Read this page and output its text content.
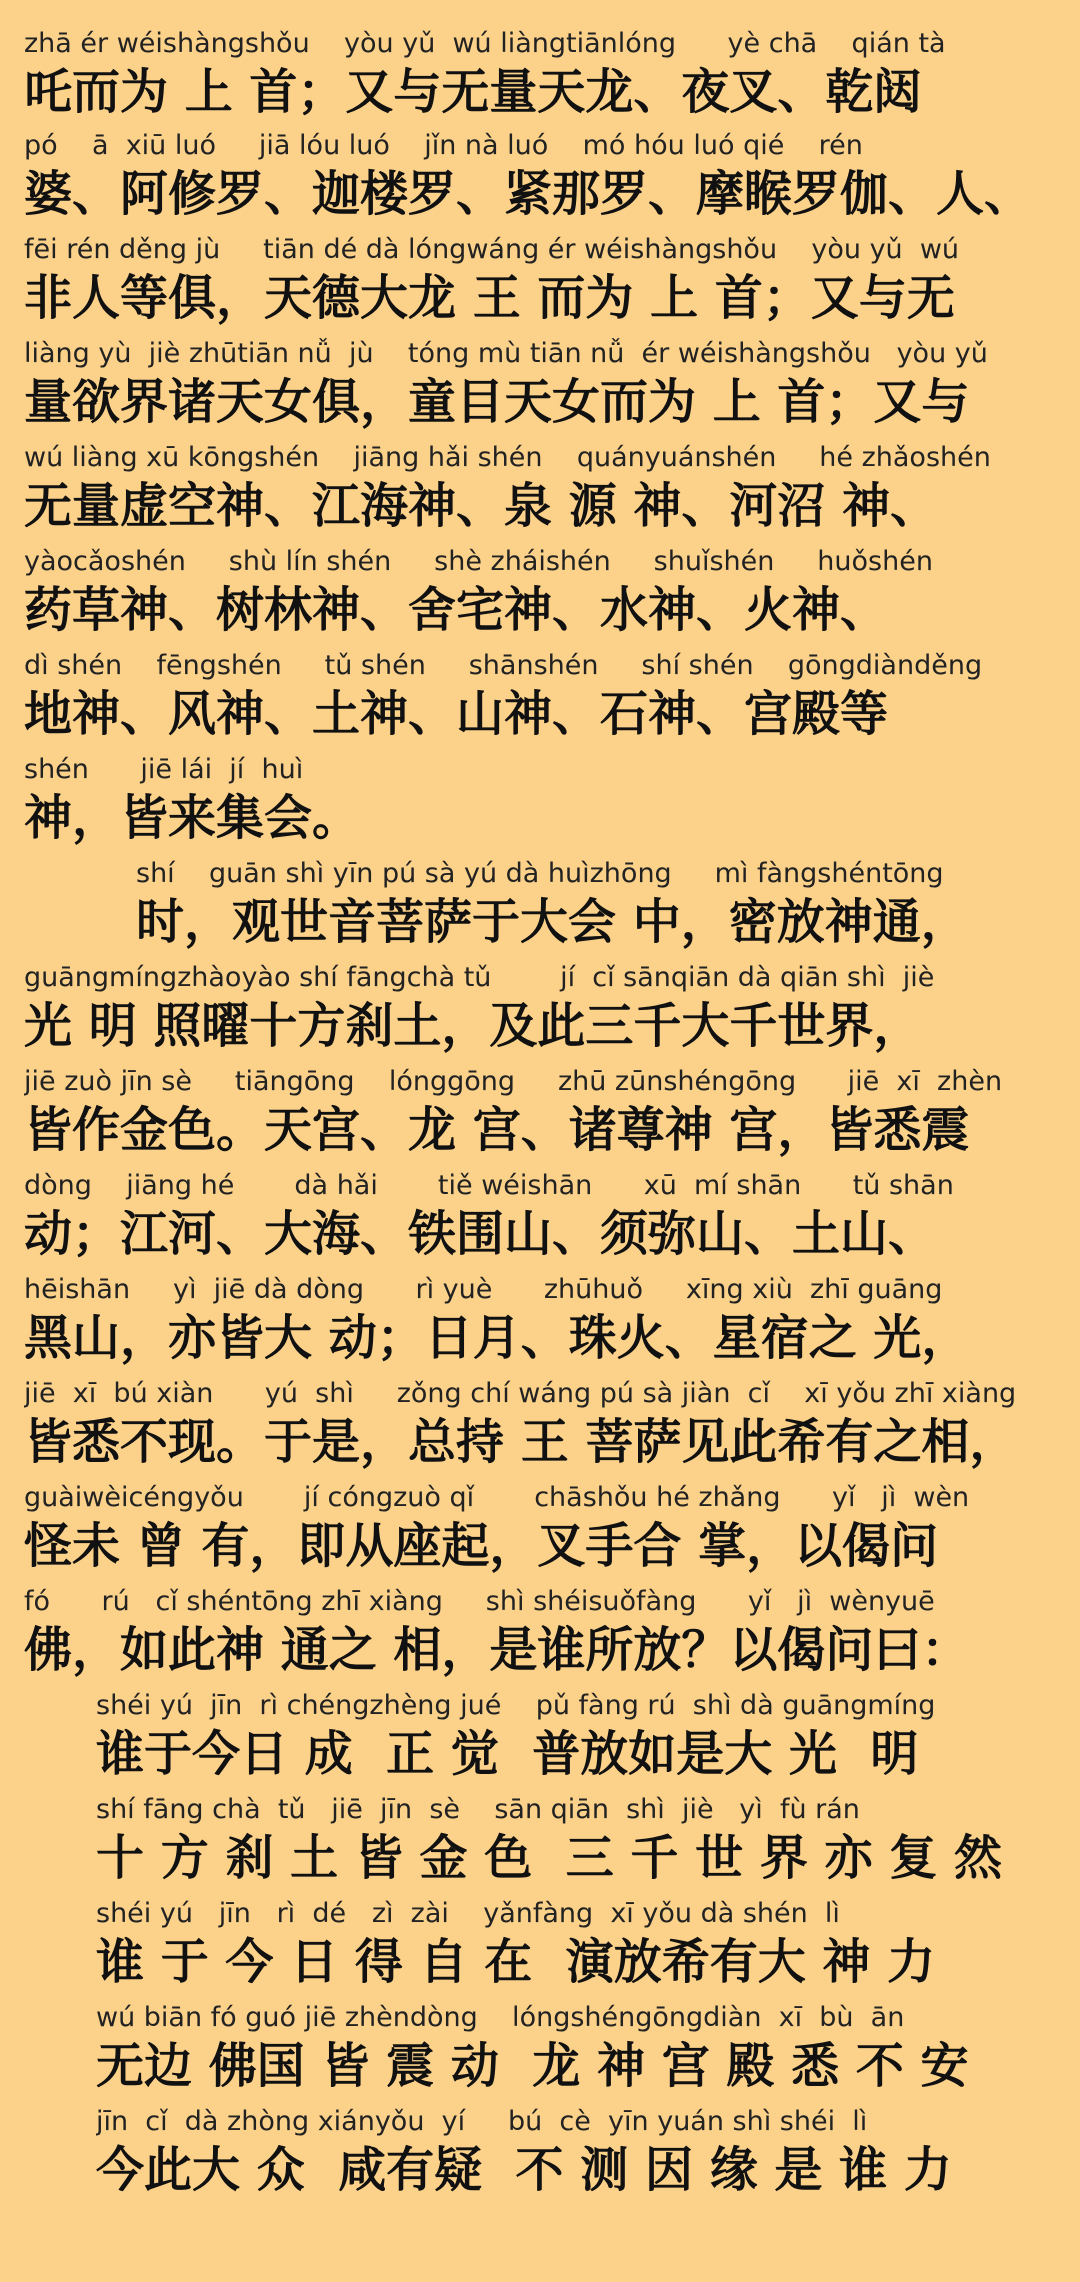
zhā ér wéishàngshǒu    yòu yǔ  wú liàngtiānlóng      yè chā    qián tà
吒而为 上 首；又与无量天龙、夜叉、乾闼
pó    ā  xiū luó     jiā lóu luó    jǐn nà luó    mó hóu luó qié    rén
婆、阿修罗、迦楼罗、紧那罗、摩睺罗伽、人、
fēi rén děng jù     tiān dé dà lóngwáng ér wéishàngshǒu    yòu yǔ  wú
非人等俱，天德大龙 王 而为 上 首；又与无
liàng yù  jiè zhūtiān nǚ  jù    tóng mù tiān nǚ  ér wéishàngshǒu   yòu yǔ
量欲界诸天女俱，童目天女而为 上 首；又与
wú liàng xū kōngshén    jiāng hǎi shén    quányuánshén     hé zhǎoshén
无量虚空神、江海神、泉 源 神、河沼 神、
yàocǎoshén     shù lín shén     shè zháishén     shuǐshén     huǒshén
药草神、树林神、舍宅神、水神、火神、
dì shén    fēngshén     tǔ shén     shānshén     shí shén    gōngdiànděng
地神、风神、土神、山神、石神、宫殿等
shén      jiē lái  jí  huì
神，皆来集会。
shí    guān shì yīn pú sà yú dà huìzhōng     mì fàngshéntōng
时，观世音菩萨于大会 中，密放神通，
guāngmíngzhàoyào shí fāngchà tǔ        jí  cǐ sānqiān dà qiān shì  jiè
光 明 照曜十方刹土，及此三千大千世界，
jiē zuò jīn sè     tiāngōng    lónggōng     zhū zūnshéngōng      jiē  xī  zhèn
皆作金色。天宫、龙 宫、诸尊神 宫，皆悉震
dòng    jiāng hé       dà hǎi       tiě wéishān      xū  mí shān      tǔ shān
动；江河、大海、铁围山、须弥山、土山、
hēishān     yì  jiē dà dòng      rì yuè      zhūhuǒ     xīng xiù  zhī guāng
黑山，亦皆大 动；日月、珠火、星宿之 光，
jiē  xī  bú xiàn      yú  shì     zǒng chí wáng pú sà jiàn  cǐ    xī yǒu zhī xiàng
皆悉不现。于是，总持 王 菩萨见此希有之相，
guàiwèicéngyǒu       jí cóngzuò qǐ       chāshǒu hé zhǎng      yǐ   jì  wèn
怪未 曾 有，即从座起，叉手合 掌，以偈问
fó      rú   cǐ shéntōng zhī xiàng     shì shéisuǒfàng      yǐ   jì  wènyuē
佛，如此神 通之 相，是谁所放？以偈问曰：
shéi yú  jīn  rì chéngzhèng jué    pǔ fàng rú  shì dà guāngmíng
谁于今日 成  正 觉  普放如是大 光  明
shí fāng chà  tǔ   jiē  jīn  sè    sān qiān  shì  jiè   yì  fù rán
十 方 刹 土 皆 金 色  三 千 世 界 亦 复 然
shéi yú   jīn   rì  dé   zì  zài    yǎnfàng  xī yǒu dà shén  lì
谁 于 今 日 得 自 在  演放希有大 神 力
wú biān fó guó jiē zhèndòng    lóngshéngōngdiàn  xī  bù  ān
无边 佛国 皆 震 动  龙 神 宫 殿 悉 不 安
jīn  cǐ  dà zhòng xiányǒu  yí     bú  cè  yīn yuán shì shéi  lì
今此大 众  咸有疑  不 测 因 缘 是 谁 力
